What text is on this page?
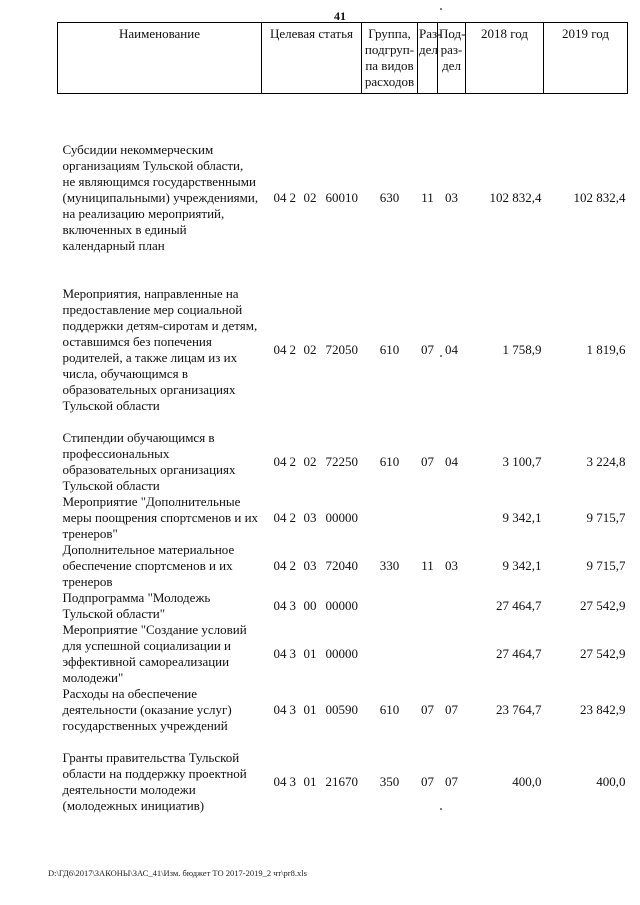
41
Наименование	Целевая статья	Группа, подгруп-па видов расходов	Раз-дел	Под-раз-дел	2018 год	2019 год

Субсидии некоммерческим организациям Тульской области, не являющимся государственными (муниципальными) учреждениями, на реализацию мероприятий, включенных в единый календарный план	04 2 02 60010	630	11	03	102 832,4	102 832,4

Мероприятия, направленные на предоставление мер социальной поддержки детям-сиротам и детям, оставшимся без попечения родителей, а также лицам из их числа, обучающимся в образовательных организациях Тульской области	04 2 02 72050	610	07	04	1 758,9	1 819,6

Стипендии обучающимся в профессиональных образовательных организациях Тульской области	04 2 02 72250	610	07	04	3 100,7	3 224,8
Мероприятие "Дополнительные меры поощрения спортсменов и их тренеров"	04 2 03 00000				9 342,1	9 715,7
Дополнительное материальное обеспечение спортсменов и их тренеров	04 2 03 72040	330	11	03	9 342,1	9 715,7
Подпрограмма "Молодежь Тульской области"	04 3 00 00000				27 464,7	27 542,9
Мероприятие "Создание условий для успешной социализации и эффективной самореализации молодежи"	04 3 01 00000				27 464,7	27 542,9
Расходы на обеспечение деятельности (оказание услуг) государственных учреждений	04 3 01 00590	610	07	07	23 764,7	23 842,9

Гранты правительства Тульской области на поддержку проектной деятельности молодежи (молодежных инициатив)	04 3 01 21670	350	07	07	400,0	400,0

D:\ГД6\2017\ЗАКОНЫ\ЗАС_41\Изм. бюджет ТО 2017-2019_2 чт\pr8.xls
